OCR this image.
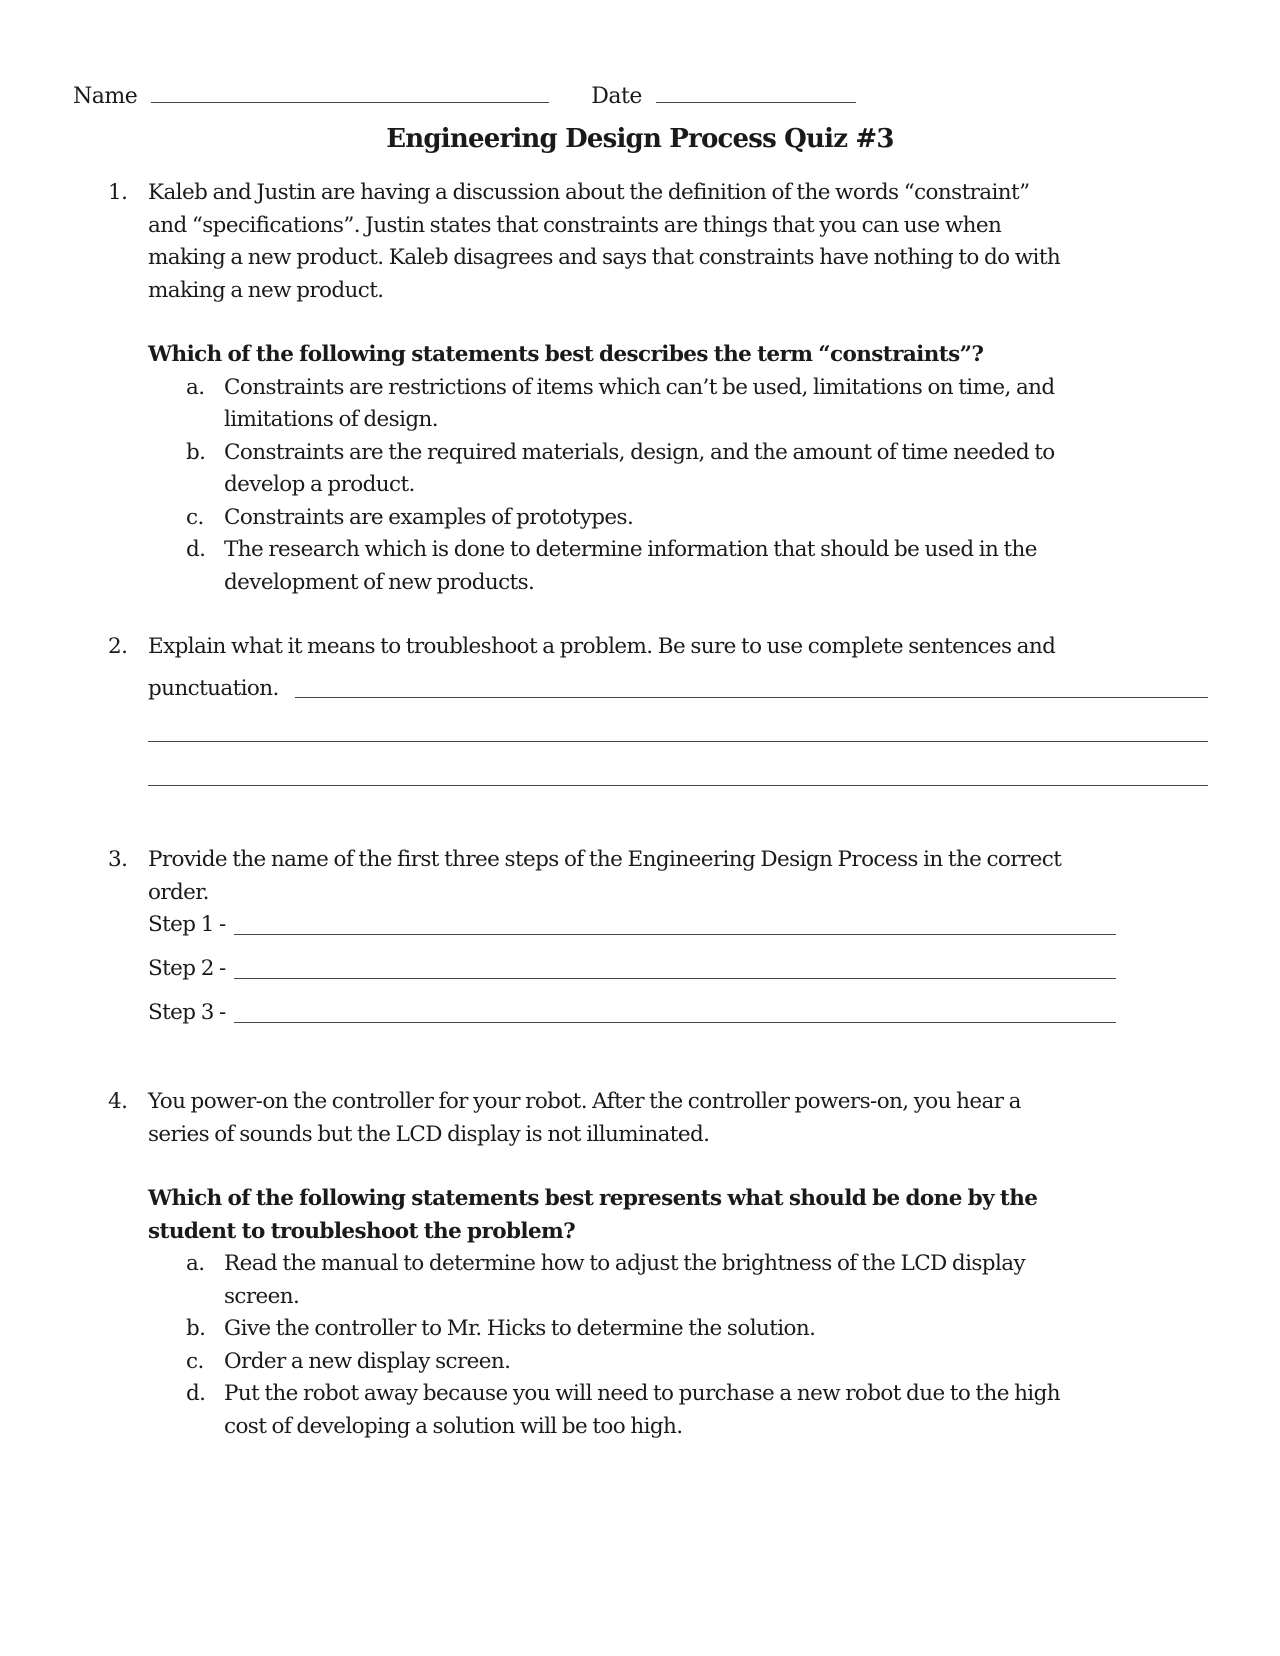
Name	Date
Engineering Design Process Quiz #3
1. Kaleb and Justin are having a discussion about the definition of the words “constraint”
and “specifications”. Justin states that constraints are things that you can use when
making a new product. Kaleb disagrees and says that constraints have nothing to do with
making a new product.
Which of the following statements best describes the term “constraints”?
a. Constraints are restrictions of items which can’t be used, limitations on time, and
limitations of design.
b. Constraints are the required materials, design, and the amount of time needed to
develop a product.
c. Constraints are examples of prototypes.
d. The research which is done to determine information that should be used in the
development of new products.
2. Explain what it means to troubleshoot a problem. Be sure to use complete sentences and
punctuation.
3. Provide the name of the first three steps of the Engineering Design Process in the correct
order.
Step 1 -
Step 2 -
Step 3 -
4. You power-on the controller for your robot. After the controller powers-on, you hear a
series of sounds but the LCD display is not illuminated.
Which of the following statements best represents what should be done by the
student to troubleshoot the problem?
a. Read the manual to determine how to adjust the brightness of the LCD display
screen.
b. Give the controller to Mr. Hicks to determine the solution.
c. Order a new display screen.
d. Put the robot away because you will need to purchase a new robot due to the high
cost of developing a solution will be too high.
